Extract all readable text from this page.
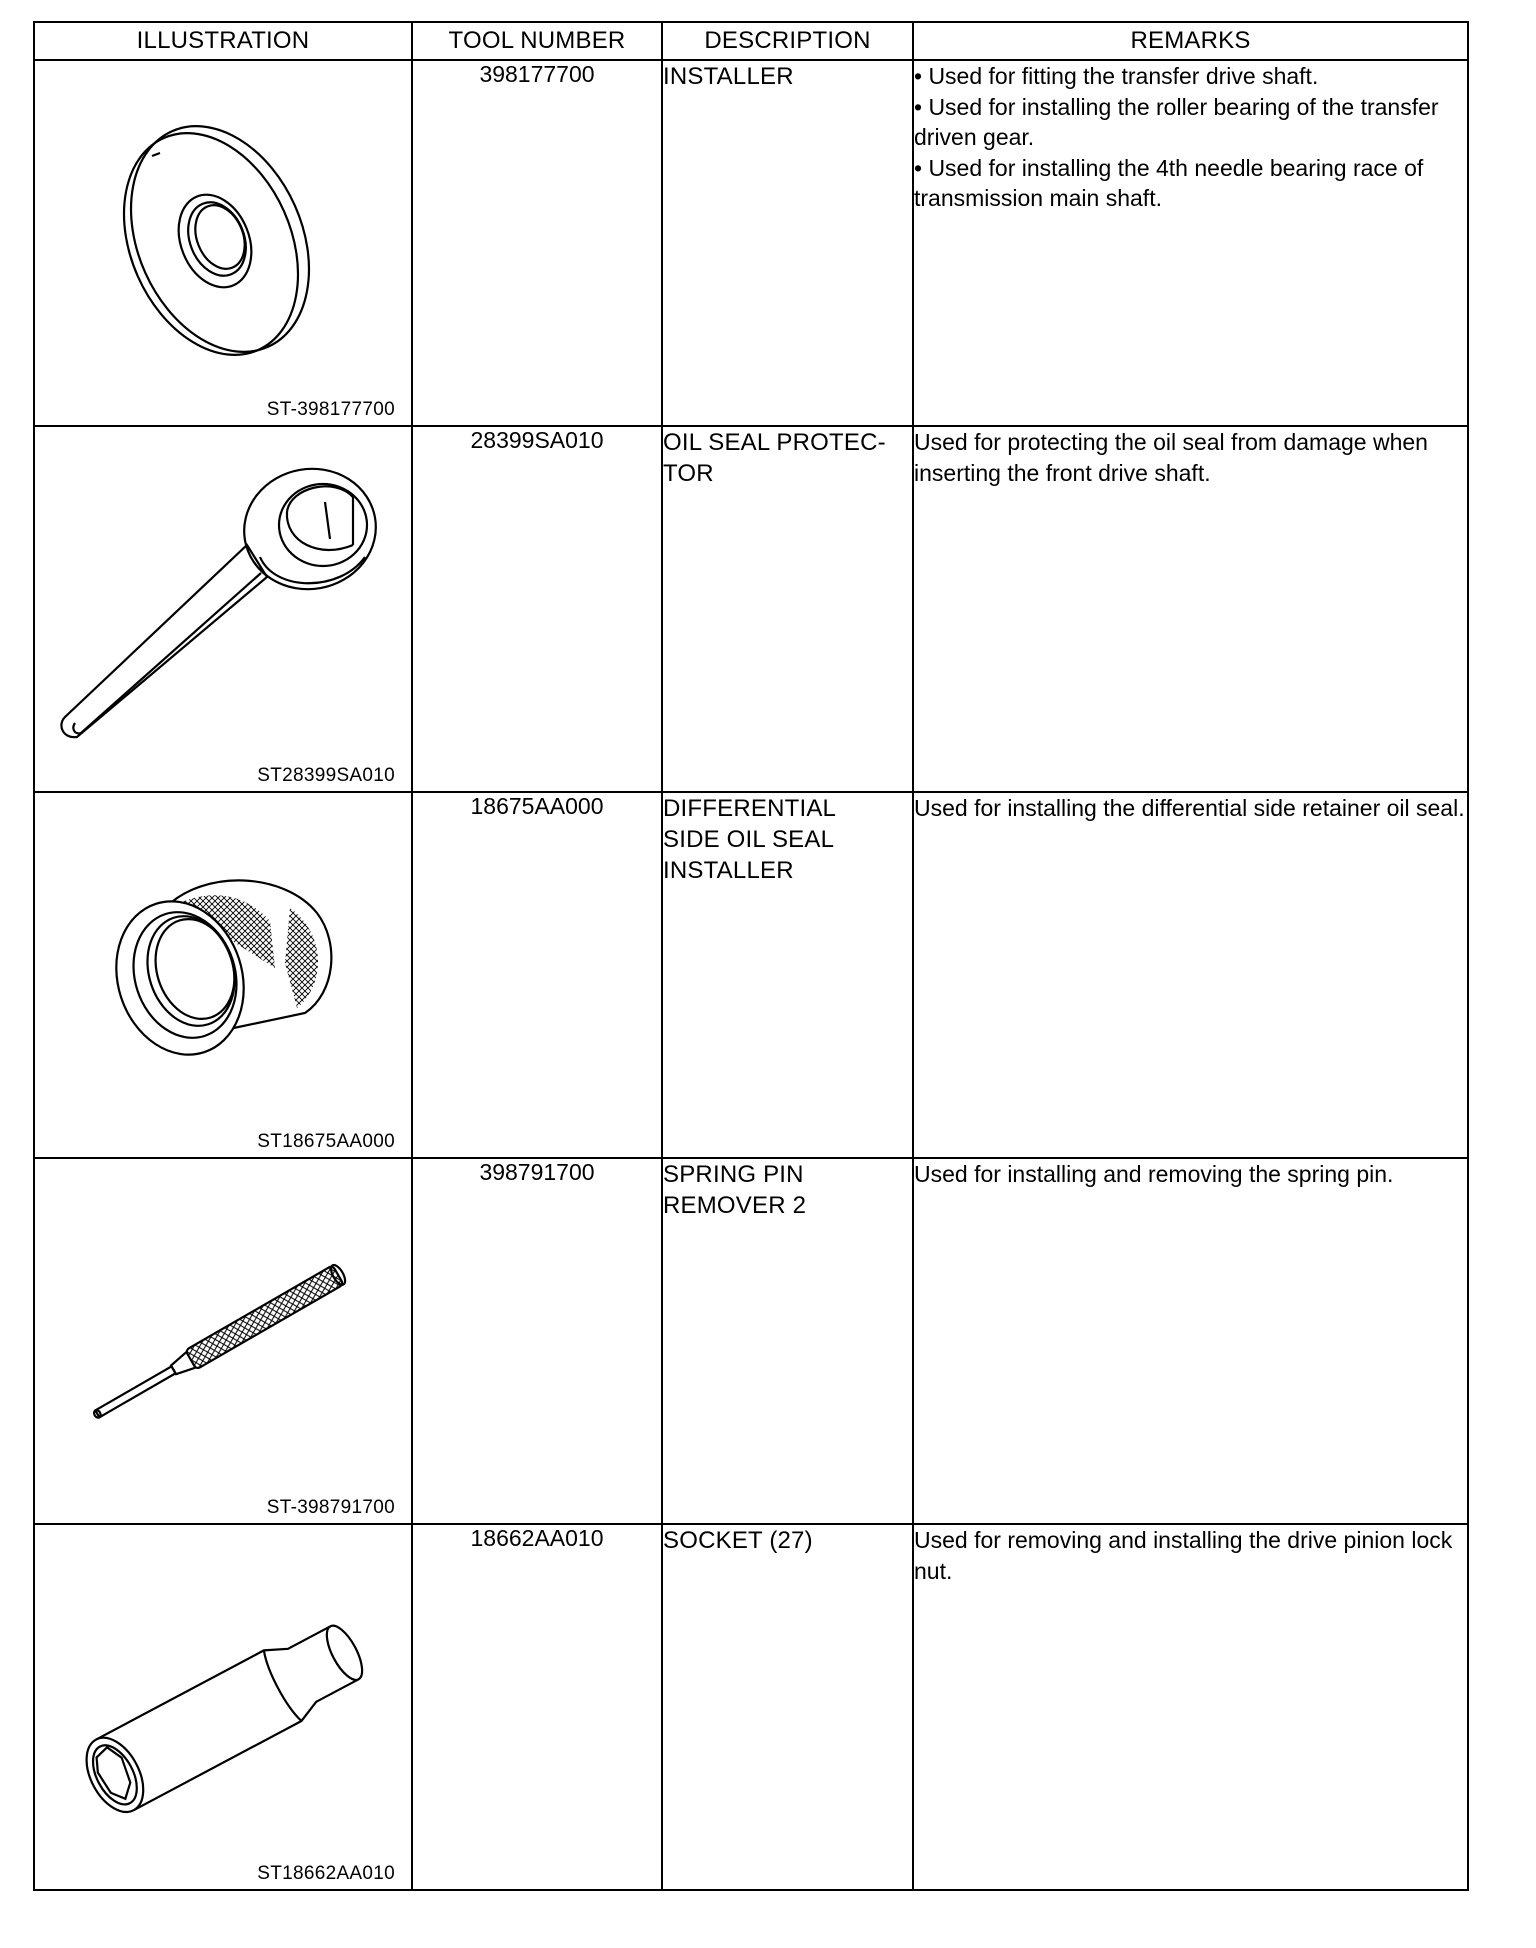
ILLUSTRATION	TOOL NUMBER	DESCRIPTION	REMARKS

ST-398177700	398177700	INSTALLER	• Used for fitting the transfer drive shaft.
• Used for installing the roller bearing of the transfer driven gear.
• Used for installing the 4th needle bearing race of transmission main shaft.

ST28399SA010	28399SA010	OIL SEAL PROTEC-
TOR	Used for protecting the oil seal from damage when inserting the front drive shaft.

ST18675AA000	18675AA000	DIFFERENTIAL
SIDE OIL SEAL
INSTALLER	Used for installing the differential side retainer oil seal.

ST-398791700	398791700	SPRING PIN
REMOVER 2	Used for installing and removing the spring pin.

ST18662AA010	18662AA010	SOCKET (27)	Used for removing and installing the drive pinion lock nut.
